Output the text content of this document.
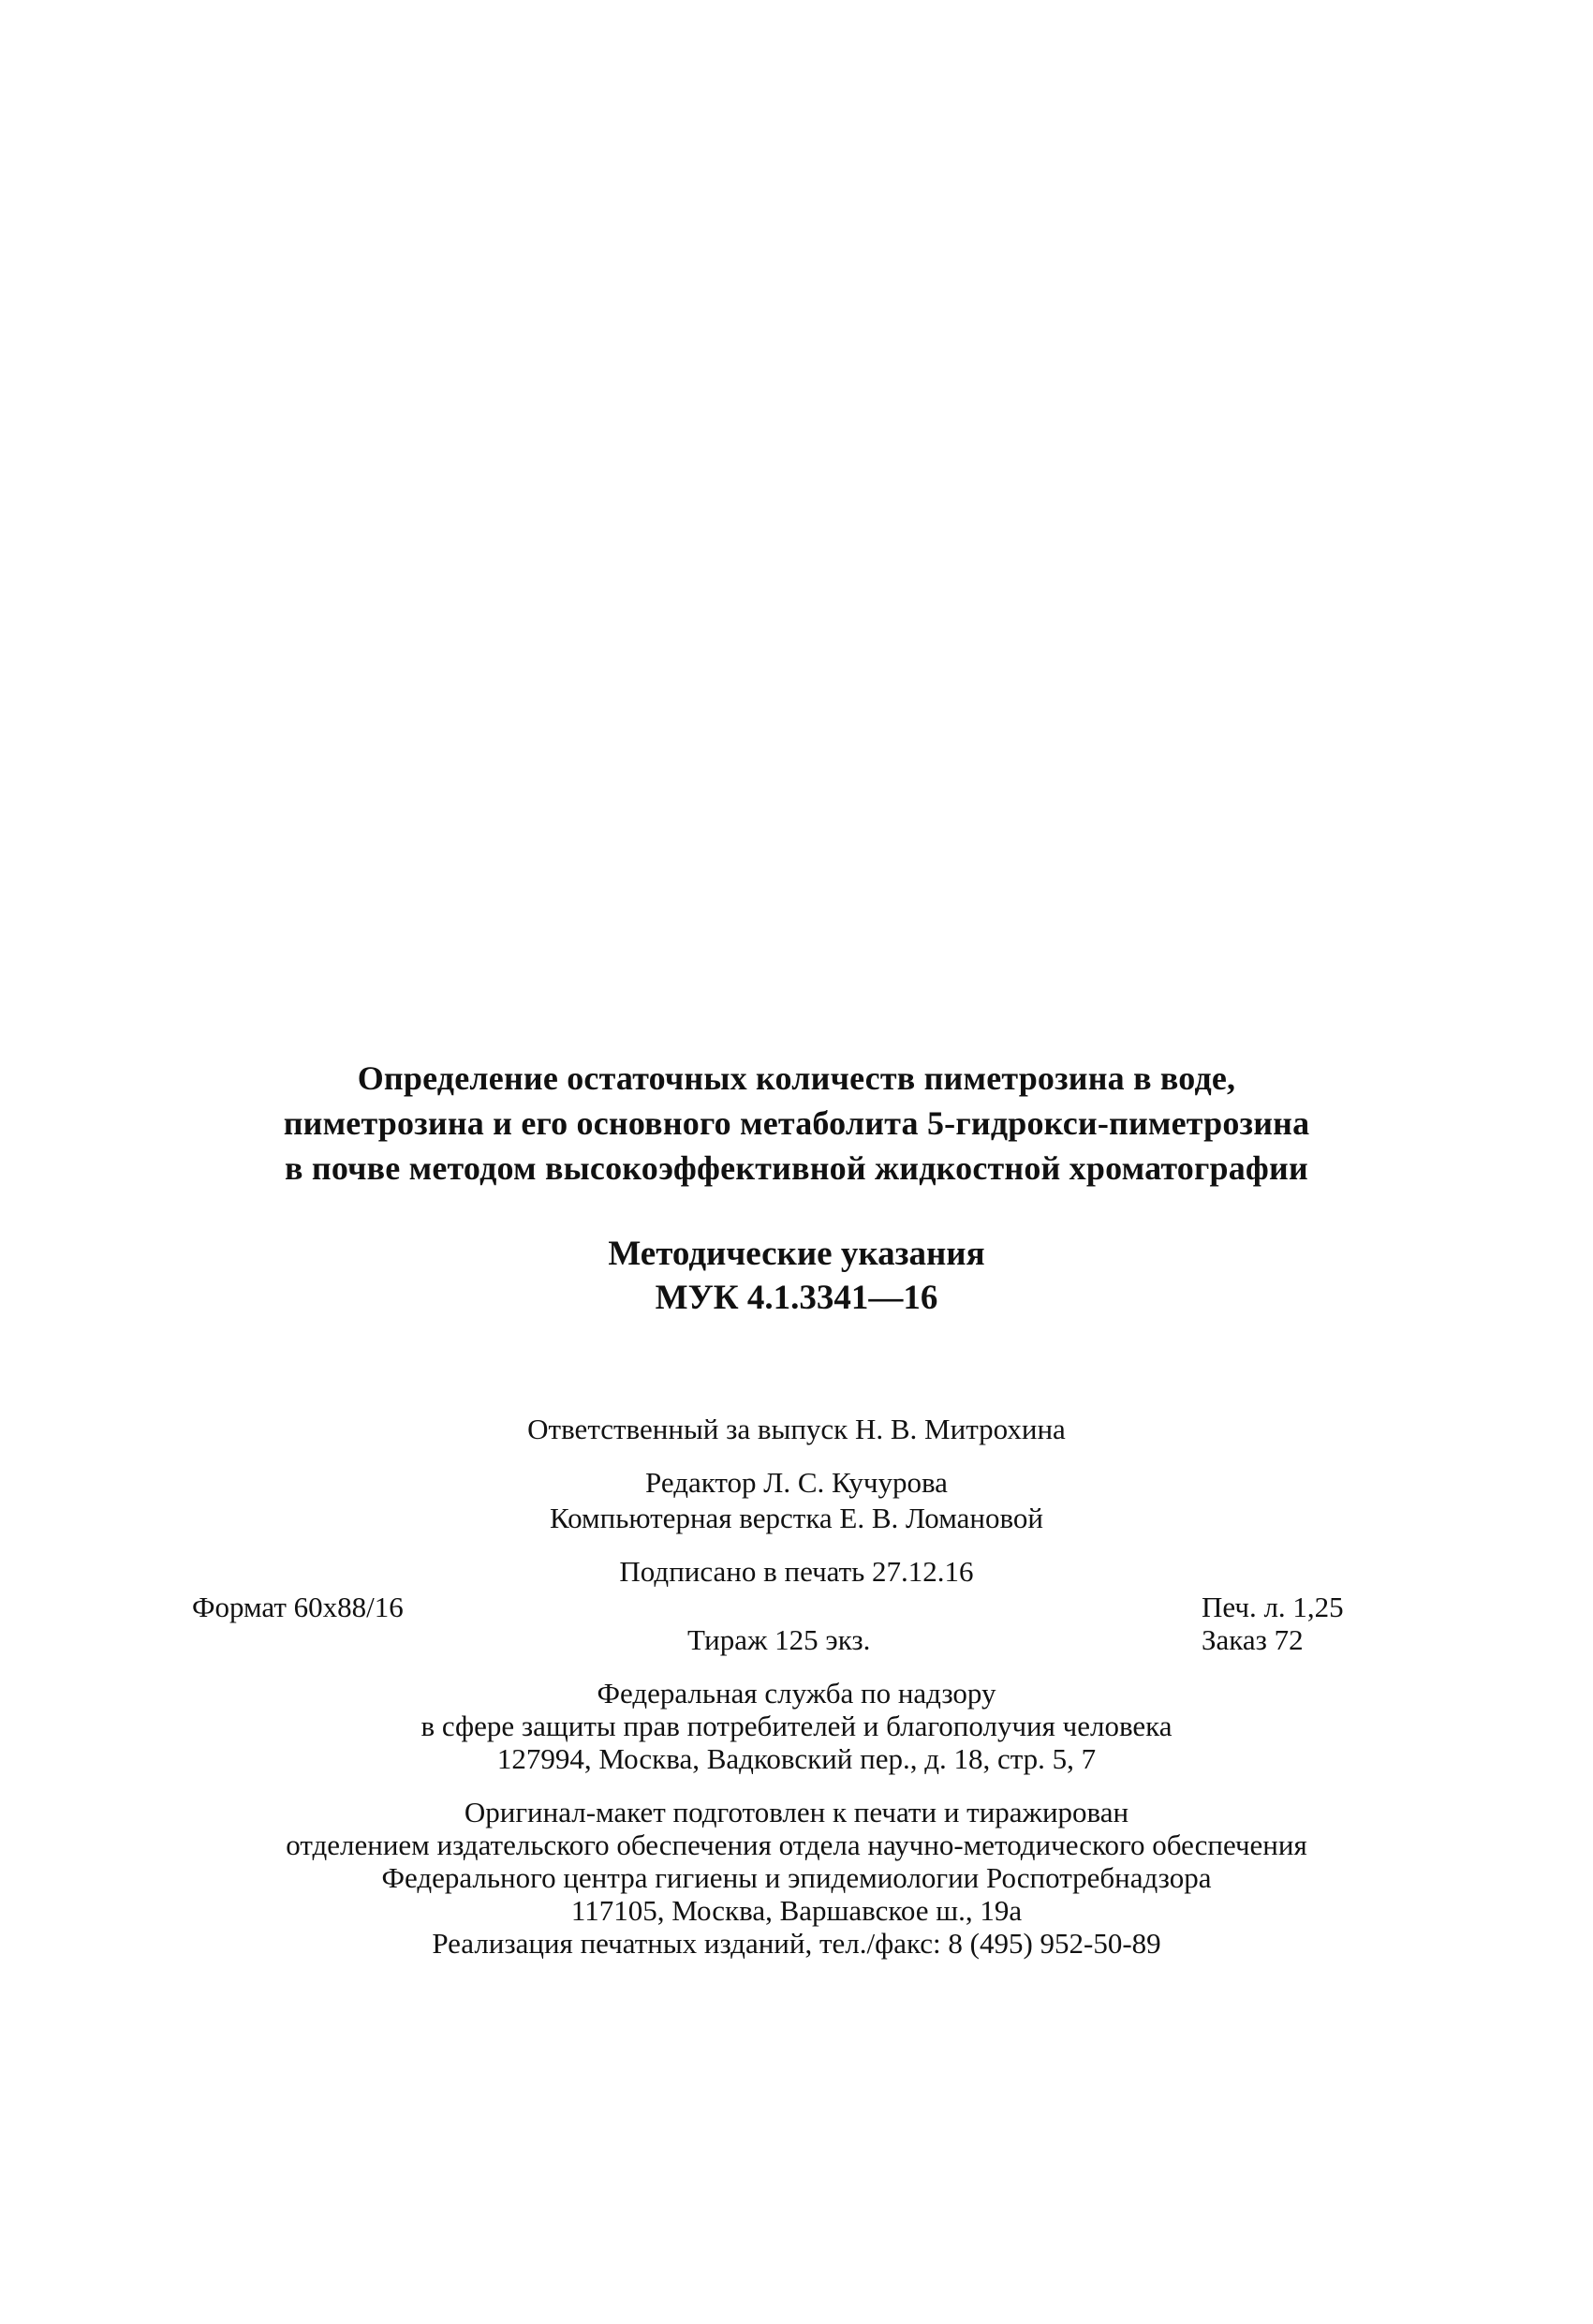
Определение остаточных количеств пиметрозина в воде,
пиметрозина и его основного метаболита 5-гидрокси-пиметрозина
в почве методом высокоэффективной жидкостной хроматографии
Методические указания
МУК 4.1.3341—16
Ответственный за выпуск Н. В. Митрохина
Редактор Л. С. Кучурова
Компьютерная верстка Е. В. Ломановой
Подписано в печать 27.12.16
Формат 60x88/16	Печ. л. 1,25
Тираж 125 экз.	Заказ 72
Федеральная служба по надзору
в сфере защиты прав потребителей и благополучия человека
127994, Москва, Вадковский пер., д. 18, стр. 5, 7
Оригинал-макет подготовлен к печати и тиражирован
отделением издательского обеспечения отдела научно-методического обеспечения
Федерального центра гигиены и эпидемиологии Роспотребнадзора
117105, Москва, Варшавское ш., 19а
Реализация печатных изданий, тел./факс: 8 (495) 952-50-89
